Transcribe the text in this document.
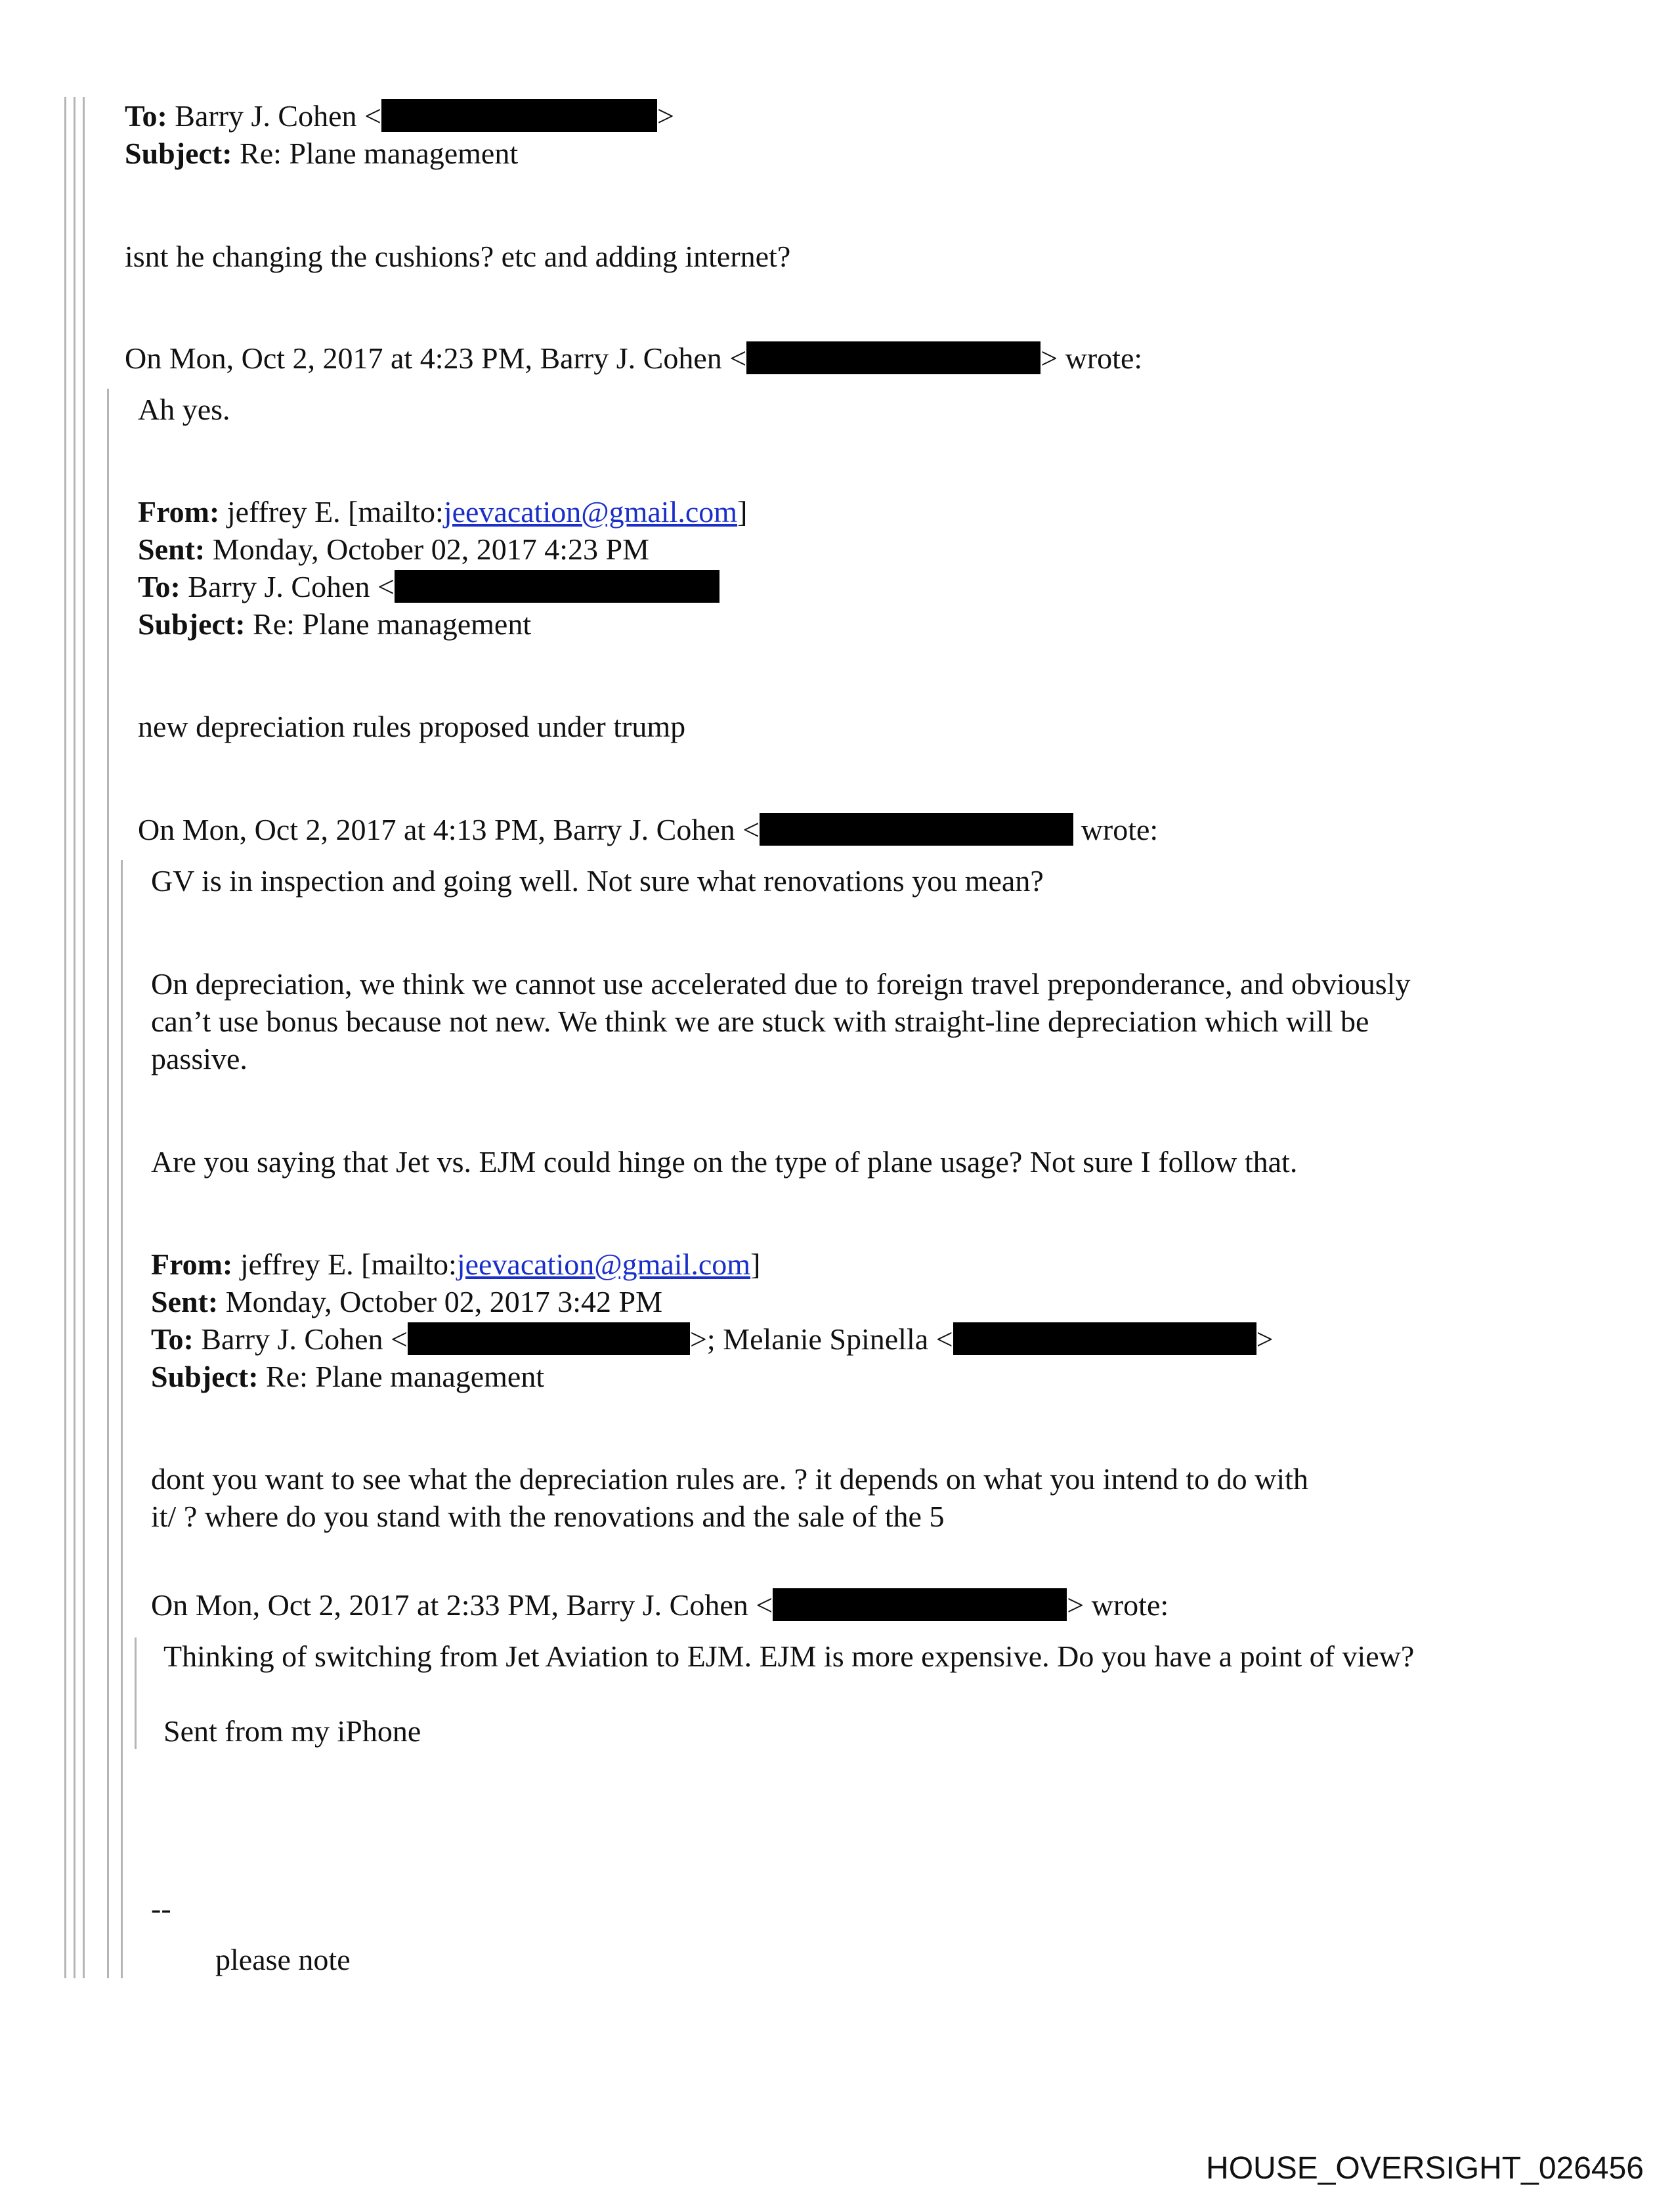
To: Barry J. Cohen <	>
Subject: Re: Plane management
isnt he changing the cushions? etc and adding internet?
On Mon, Oct 2, 2017 at 4:23 PM, Barry J. Cohen <	> wrote:
Ah yes.
From: jeffrey E. [mailto:jeevacation@gmail.com]
Sent: Monday, October 02, 2017 4:23 PM
To: Barry J. Cohen <
Subject: Re: Plane management
new depreciation rules proposed under trump
On Mon, Oct 2, 2017 at 4:13 PM, Barry J. Cohen <	wrote:
GV is in inspection and going well. Not sure what renovations you mean?
On depreciation, we think we cannot use accelerated due to foreign travel preponderance, and obviously
can’t use bonus because not new. We think we are stuck with straight-line depreciation which will be
passive.
Are you saying that Jet vs. EJM could hinge on the type of plane usage? Not sure I follow that.
From: jeffrey E. [mailto:jeevacation@gmail.com]
Sent: Monday, October 02, 2017 3:42 PM
To: Barry J. Cohen <	>; Melanie Spinella <	>
Subject: Re: Plane management
dont you want to see what the depreciation rules are. ? it depends on what you intend to do with
it/ ? where do you stand with the renovations and the sale of the 5
On Mon, Oct 2, 2017 at 2:33 PM, Barry J. Cohen <	> wrote:
Thinking of switching from Jet Aviation to EJM. EJM is more expensive. Do you have a point of view?
Sent from my iPhone
--
please note
HOUSE_OVERSIGHT_026456
